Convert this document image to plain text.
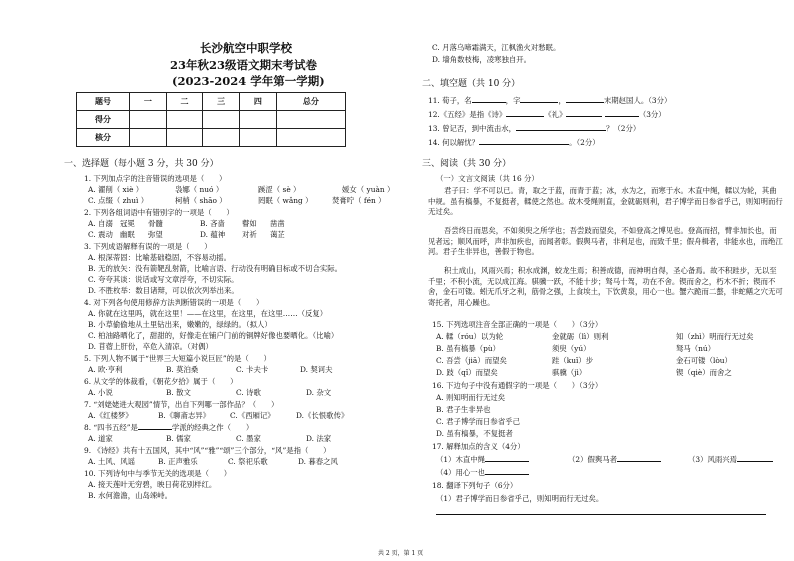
长沙航空中职学校
23年秋23级语文期末考试卷
(2023-2024 学年第一学期)
题号	一	二	三	四	总分
得分					
核分					
一、选择题（每小题 3 分，共 30 分）
1. 下列加点字的注音错误的选项是（　　）
A. 濯削（ xiè ）	袅娜（ nuó ）	蹊涩（ sè ）	媛女（ yuàn ）
C. 点缀（ zhuì ）	柯梢（ shāo ）	罔眠（ wǎng ）	焚膏咛（ fén ）
2. 下列各组词语中有错别字的一项是（　　）
A. 自溺 冠冕 骨髓	B. 吝啬 瞽如 凿凿
C. 震动 幽眠 弥望	D. 蕴神 对祈 蔼芷
3. 下列成语解释有误的一项是（　　）
A. 根深蒂固：比喻基础稳固，不容易动摇。
B. 无的放矢：没有箭靶乱射箭，比喻言语、行动没有明确目标或不切合实际。
C. 夸夸其谈：说话或写文章浮夸，不切实际。
D. 不胜枚举：数目诸辩，可以依次列举出来。
4. 对下列各句使用修辞方法判断错误的一项是（　　）
A. 你就在这里吗，就在这里！——在这里，在这里，在这里……（反复）
B. 小草偷偷地从土里钻出来，嫩嫩的，绿绿的。（拟人）
C. 柏油路晒化了，甜甜的，好像走在铺户门前的铜牌好像也要晒化。（比喻）
D. 苜蓿上肝份，卒危入清凉。（对偶）
5. 下列人物不属于“世界三大短篇小说巨匠”的是（　　）
A. 欧·亨利	B. 莫泊桑	C. 卡夫卡	D. 契诃夫
6. 从文学的体裁看，《朝花夕拾》属于（　　）
A. 小说	B. 散文	C. 诗歌	D. 杂文
7. “刘姥姥进大观园”情节，出自下列哪一部作品？（　　）
A.《红楼梦》	B.《聊斋志异》	C.《西厢记》	D.《长恨歌传》
8. “四书五经”是	学派的经典之作（　　）
A. 道家	B. 儒家	C. 墨家	D. 法家
9. 《诗经》共有十五国风，其中“风”“雅”“颂”三个部分，“风”是指（　　）
A. 土风、风谣	B. 正声雅乐	C. 祭祀乐歌	D. 暮春之风
10. 下列诗句中与季节无关的选项是（　　）
A. 接天莲叶无穷碧，映日荷花别样红。
B. 水何澹澹，山岛竦峙。
C. 月落乌啼霜满天，江枫渔火对愁眠。
D. 墙角数枝梅，凌寒独自开。
二、填空题（共 10 分）
11. 荀子，名	，字	，	末期赵国人。（3分）
12.《五经》是指《诗》	《礼》	（3分）
13. 曾记否，到中流击水，	？（2分）
14. 何以解忧？	。（2分）
三、阅读（共 30 分）
（一）文言文阅读（共 16 分）
君子曰：学不可以已。青，取之于蓝，而青于蓝；冰，水为之，而寒于水。木直中绳，輮以为轮，其曲中规。虽有槁暴，不复挺者，輮使之然也。故木受绳则直，金就砺则利，君子博学而日参省乎己，则知明而行无过矣。
吾尝终日而思矣，不如须臾之所学也；吾尝跂而望矣，不如登高之博见也。登高而招，臂非加长也，而见者远；顺风而呼，声非加疾也，而闻者彰。假舆马者，非利足也，而致千里；假舟楫者，非能水也，而绝江河。君子生非异也，善假于物也。
积土成山，风雨兴焉；积水成渊，蛟龙生焉；积善成德，而神明自得，圣心备焉。故不积跬步，无以至千里；不积小流，无以成江海。骐骥一跃，不能十步；驽马十驾，功在不舍。锲而舍之，朽木不折；锲而不舍，金石可镂。蚓无爪牙之利，筋骨之强，上食埃土，下饮黄泉，用心一也。蟹六跪而二螯，非蛇鳝之穴无可寄托者，用心躁也。
15. 下列选项注音全部正确的一项是（　　）（3分）
A. 輮（róu）以为轮	金就砺（lì）则利	知（zhì）明而行无过矣
B. 虽有槁暴（pù）	须臾（yú）	驽马（nú）
C. 吾尝（jiā）而望矣	跬（kuǐ）步	金石可镂（lòu）
D. 跂（qǐ）而望矣	骐骥（jì）	锲（qiè）而舍之
16. 下边句子中没有通假字的一项是（　　）（3分）
A. 则知明而行无过矣
B. 君子生非异也
C. 君子博学而日参省乎己
D. 虽有槁暴，不复挺者
17. 解释加点的含义（4分）
（1）木直中绳	（2）假舆马者	（3）风雨兴焉
（4）用心一也
18. 翻译下列句子（6分）
（1）君子博学而日参省乎己，则知明而行无过矣。
共 2 页，第 1 页
